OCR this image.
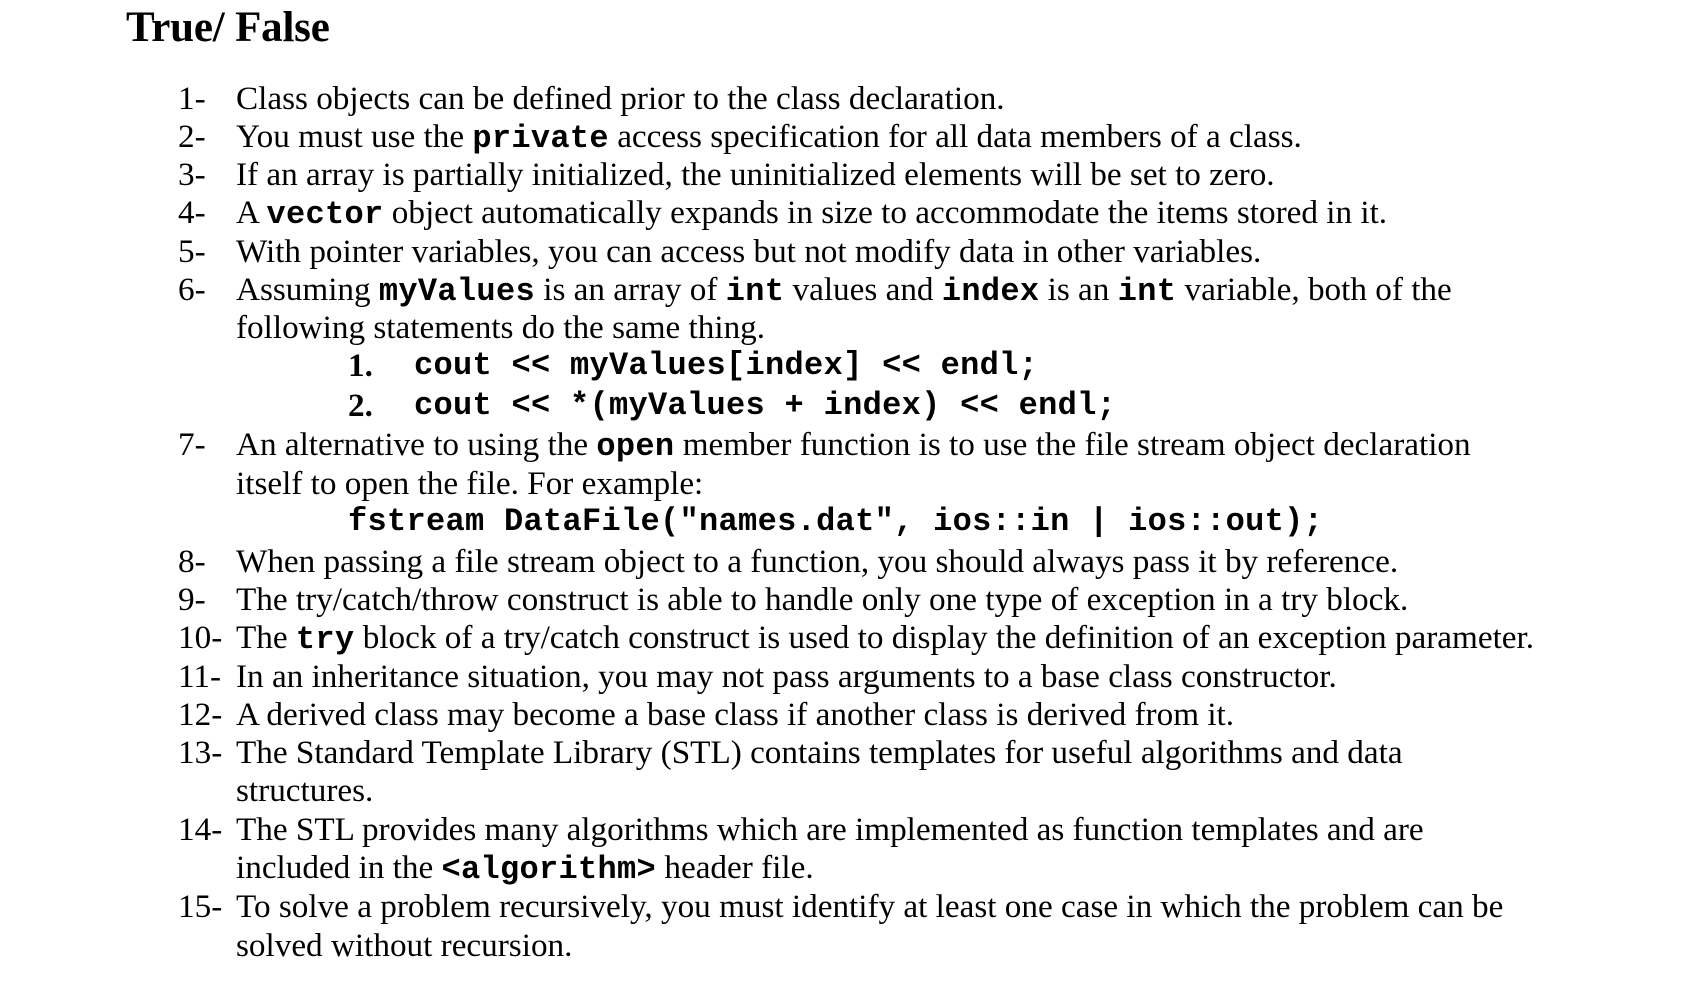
True/ False
1- Class objects can be defined prior to the class declaration.
2- You must use the private access specification for all data members of a class.
3- If an array is partially initialized, the uninitialized elements will be set to zero.
4- A vector object automatically expands in size to accommodate the items stored in it.
5- With pointer variables, you can access but not modify data in other variables.
6- Assuming myValues is an array of int values and index is an int variable, both of the
following statements do the same thing.
1. cout << myValues[index] << endl;
2. cout << *(myValues + index) << endl;
7- An alternative to using the open member function is to use the file stream object declaration
itself to open the file. For example:
fstream DataFile("names.dat", ios::in | ios::out);
8- When passing a file stream object to a function, you should always pass it by reference.
9- The try/catch/throw construct is able to handle only one type of exception in a try block.
10- The try block of a try/catch construct is used to display the definition of an exception parameter.
11- In an inheritance situation, you may not pass arguments to a base class constructor.
12- A derived class may become a base class if another class is derived from it.
13- The Standard Template Library (STL) contains templates for useful algorithms and data
structures.
14- The STL provides many algorithms which are implemented as function templates and are
included in the <algorithm> header file.
15- To solve a problem recursively, you must identify at least one case in which the problem can be
solved without recursion.
